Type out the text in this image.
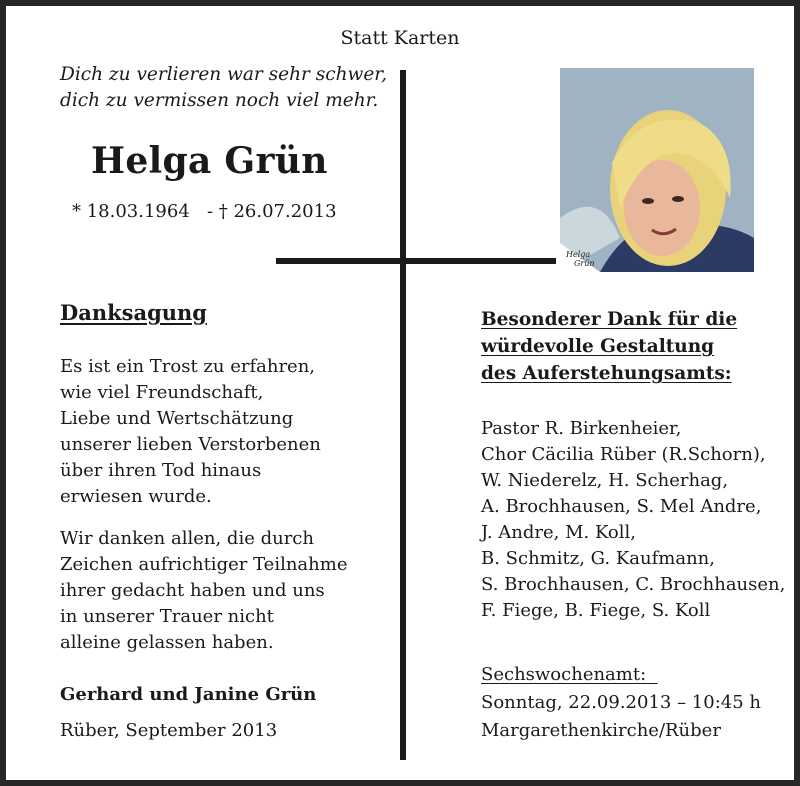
Statt Karten
Dich zu verlieren war sehr schwer,
dich zu vermissen noch viel mehr.
Helga Grün
* 18.03.1964   - † 26.07.2013
Helga
Grün
Danksagung
Es ist ein Trost zu erfahren,
wie viel Freundschaft,
Liebe und Wertschätzung
unserer lieben Verstorbenen
über ihren Tod hinaus
erwiesen wurde.
Wir danken allen, die durch
Zeichen aufrichtiger Teilnahme
ihrer gedacht haben und uns
in unserer Trauer nicht
alleine gelassen haben.
Gerhard und Janine Grün
Rüber, September 2013
Besonderer Dank für die
würdevolle Gestaltung
des Auferstehungsamts:
Pastor R. Birkenheier,
Chor Cäcilia Rüber (R.Schorn),
W. Niederelz, H. Scherhag,
A. Brochhausen, S. Mel Andre,
J. Andre, M. Koll,
B. Schmitz, G. Kaufmann,
S. Brochhausen, C. Brochhausen,
F. Fiege, B. Fiege, S. Koll
Sechswochenamt:
Sonntag, 22.09.2013 – 10:45 h
Margarethenkirche/Rüber
